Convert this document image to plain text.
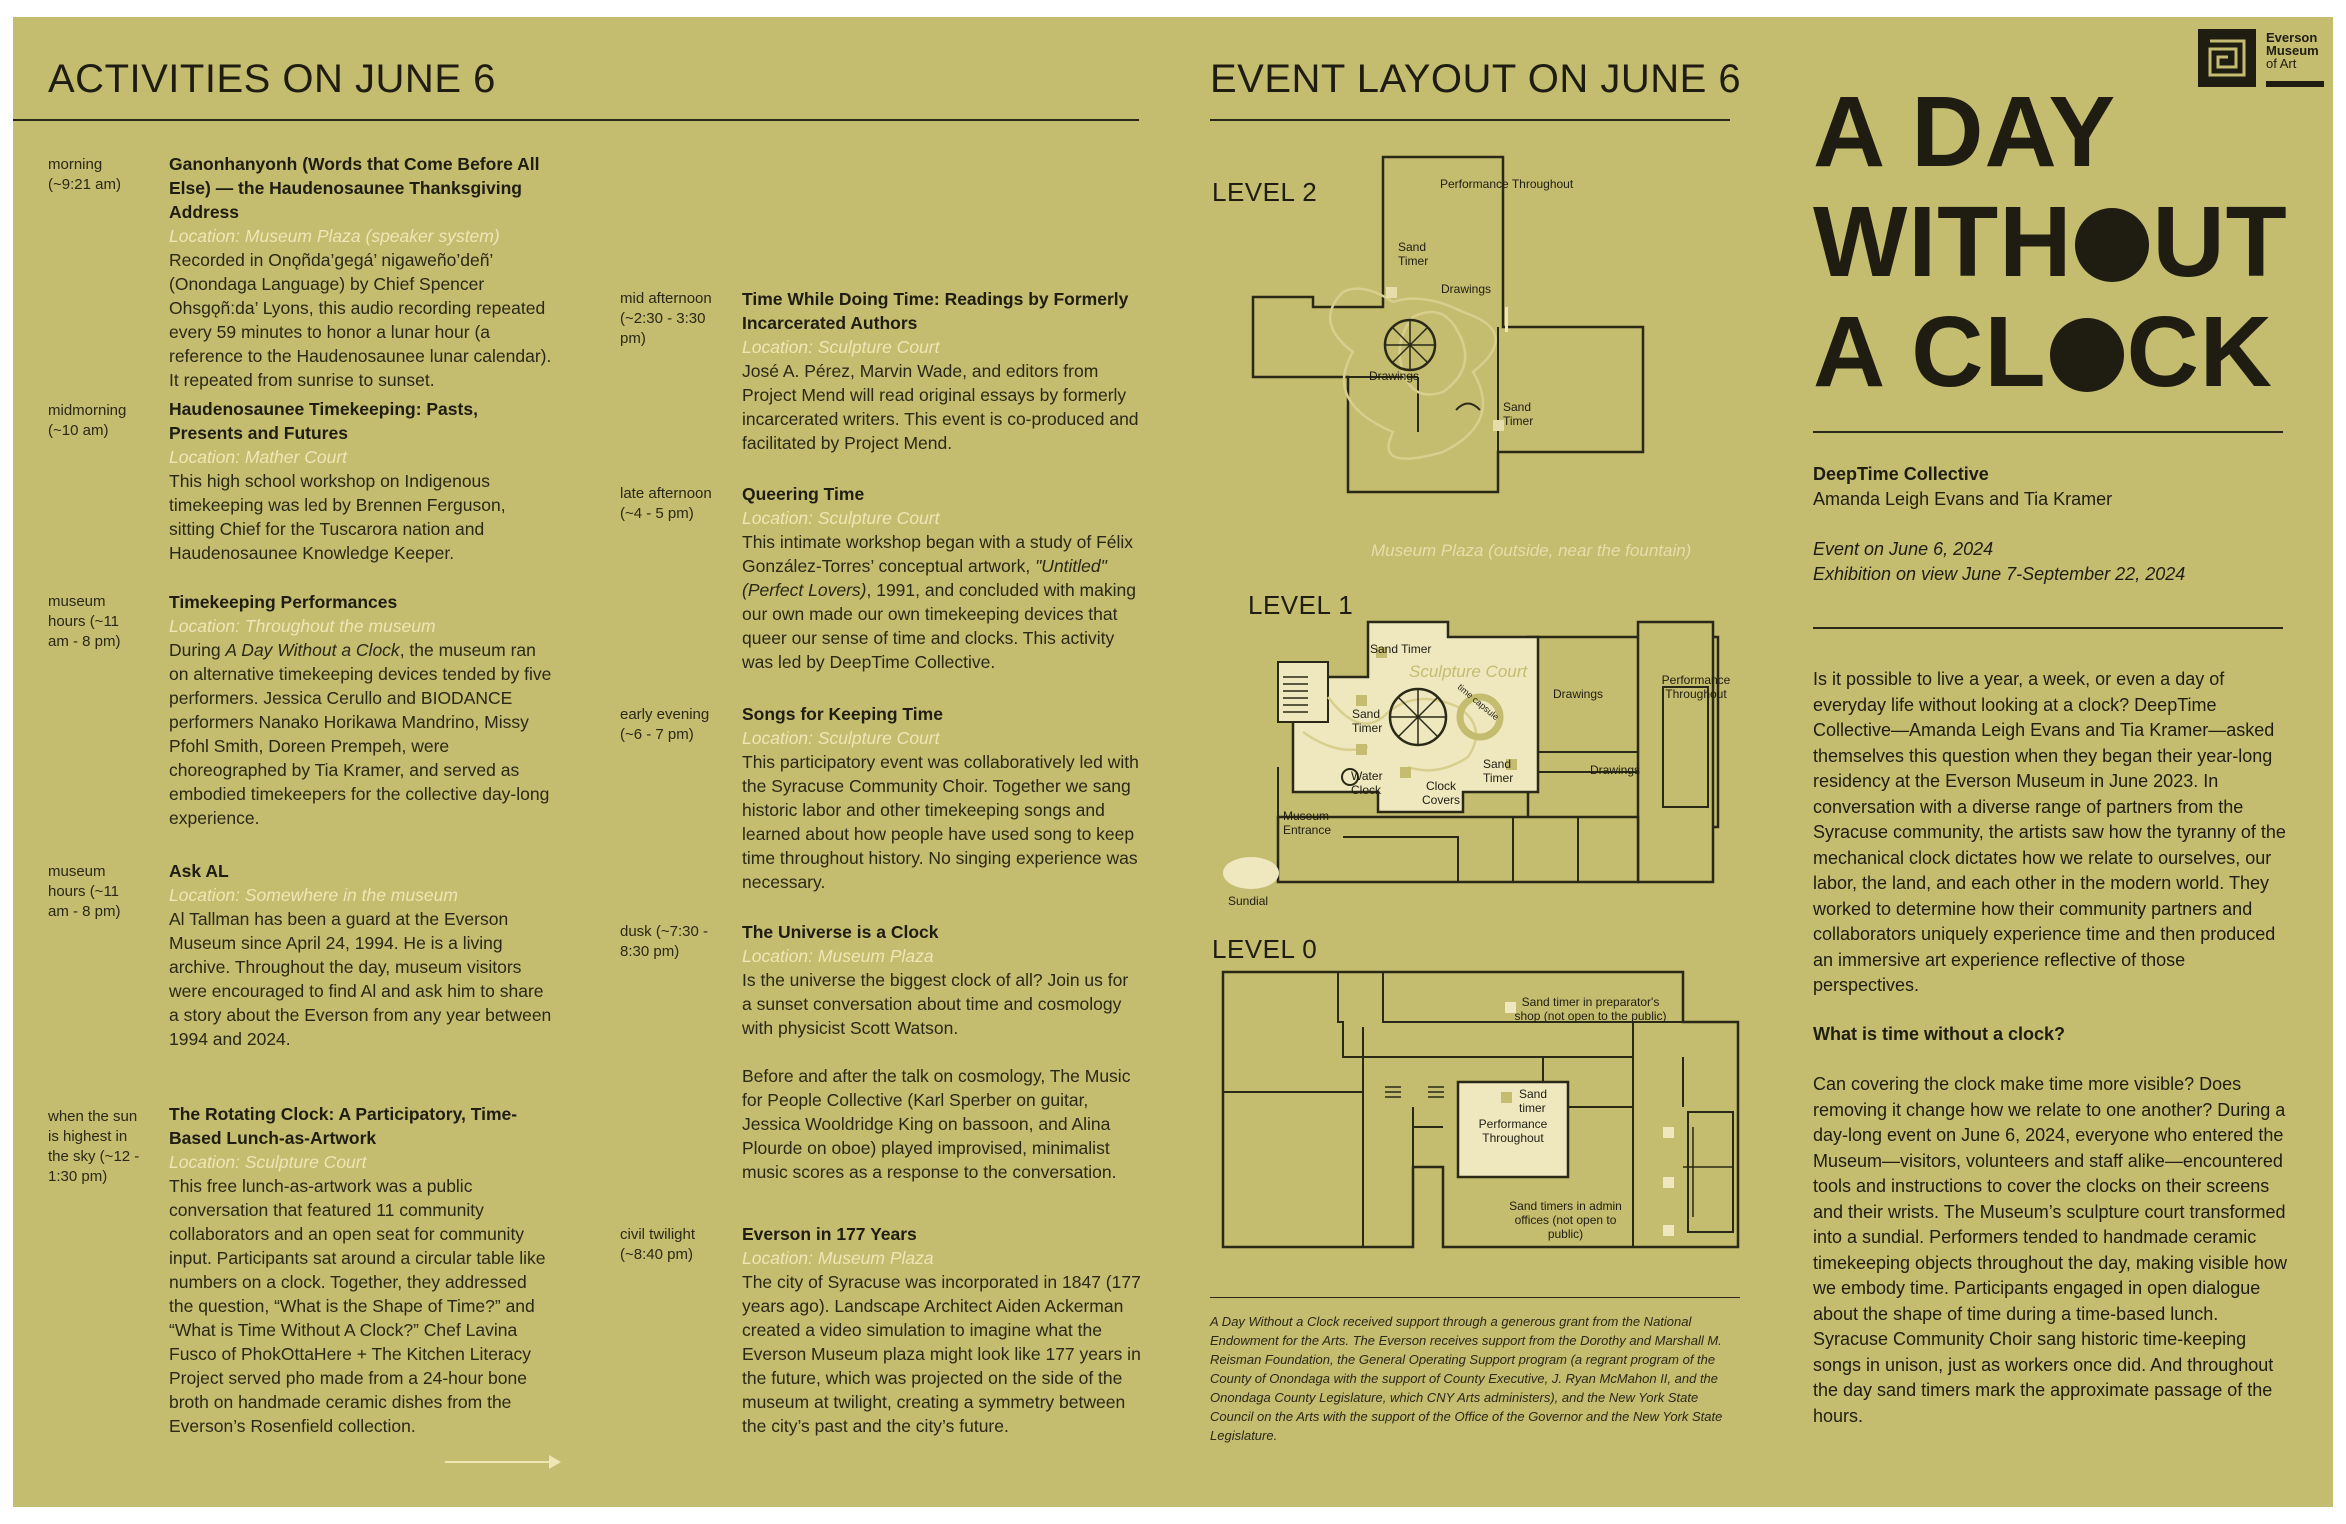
ACTIVITIES ON JUNE 6
morning (~9:21 am)
Ganonhanyonh (Words that Come Before All Else) — the Haudenosaunee Thanksgiving Address
Location: Museum Plaza (speaker system)
Recorded in Onǫñda’gegá’ nigaweño’deñ’ (Onondaga Language) by Chief Spencer Ohsgǫñ:da’ Lyons, this audio recording repeated every 59 minutes to honor a lunar hour (a reference to the Haudenosaunee lunar calendar). It repeated from sunrise to sunset.
midmorning (~10 am)
Haudenosaunee Timekeeping: Pasts, Presents and Futures
Location: Mather Court
This high school workshop on Indigenous timekeeping was led by Brennen Ferguson, sitting Chief for the Tuscarora nation and Haudenosaunee Knowledge Keeper.
museum hours (~11 am - 8 pm)
Timekeeping Performances
Location: Throughout the museum
During A Day Without a Clock, the museum ran on alternative timekeeping devices tended by five performers. Jessica Cerullo and BIODANCE performers Nanako Horikawa Mandrino, Missy Pfohl Smith, Doreen Prempeh, were choreographed by Tia Kramer, and served as embodied timekeepers for the collective day-long experience.
museum hours (~11 am - 8 pm)
Ask AL
Location: Somewhere in the museum
Al Tallman has been a guard at the Everson Museum since April 24, 1994. He is a living archive. Throughout the day, museum visitors were encouraged to find Al and ask him to share a story about the Everson from any year between 1994 and 2024.
when the sun is highest in the sky (~12 - 1:30 pm)
The Rotating Clock: A Participatory, Time-Based Lunch-as-Artwork
Location: Sculpture Court
This free lunch-as-artwork was a public conversation that featured 11 community collaborators and an open seat for community input. Participants sat around a circular table like numbers on a clock. Together, they addressed the question, “What is the Shape of Time?” and “What is Time Without A Clock?” Chef Lavina Fusco of PhokOttaHere + The Kitchen Literacy Project served pho made from a 24-hour bone broth on handmade ceramic dishes from the Everson’s Rosenfield collection.
mid afternoon (~2:30 - 3:30 pm)
Time While Doing Time: Readings by Formerly Incarcerated Authors
Location: Sculpture Court
José A. Pérez, Marvin Wade, and editors from Project Mend will read original essays by formerly incarcerated writers. This event is co-produced and facilitated by Project Mend.
late afternoon (~4 - 5 pm)
Queering Time
Location: Sculpture Court
This intimate workshop began with a study of Félix González-Torres’ conceptual artwork, "Untitled" (Perfect Lovers), 1991, and concluded with making our own made our own timekeeping devices that queer our sense of time and clocks. This activity was led by DeepTime Collective.
early evening (~6 - 7 pm)
Songs for Keeping Time
Location: Sculpture Court
This participatory event was collaboratively led with the Syracuse Community Choir. Together we sang historic labor and other timekeeping songs and learned about how people have used song to keep time throughout history. No singing experience was necessary.
dusk (~7:30 - 8:30 pm)
The Universe is a Clock
Location: Museum Plaza
Is the universe the biggest clock of all? Join us for a sunset conversation about time and cosmology with physicist Scott Watson.
Before and after the talk on cosmology, The Music for People Collective (Karl Sperber on guitar, Jessica Wooldridge King on bassoon, and Alina Plourde on oboe) played improvised, minimalist music scores as a response to the conversation.
civil twilight (~8:40 pm)
Everson in 177 Years
Location: Museum Plaza
The city of Syracuse was incorporated in 1847 (177 years ago). Landscape Architect Aiden Ackerman created a video simulation to imagine what the Everson Museum plaza might look like 177 years in the future, which was projected on the side of the museum at twilight, creating a symmetry between the city’s past and the city’s future.
EVENT LAYOUT ON JUNE 6
LEVEL 2	Performance Throughout
Sand Timer
Drawings
Drawings
Sand Timer
Museum Plaza (outside, near the fountain)
LEVEL 1
Sand Timer
Sculpture Court
Sand Timer
time capsule	Drawings
Performance Throughout
Sand Timer
Drawings
Water Clock	Clock Covers
Museum Entrance
Sundial
LEVEL 0
Sand timer in preparator's shop (not open to the public)
Sand timer
Performance Throughout
Sand timers in admin offices (not open to public)
A Day Without a Clock received support through a generous grant from the National Endowment for the Arts. The Everson receives support from the Dorothy and Marshall M. Reisman Foundation, the General Operating Support program (a regrant program of the County of Onondaga with the support of County Executive, J. Ryan McMahon II, and the Onondaga County Legislature, which CNY Arts administers), and the New York State Council on the Arts with the support of the Office of the Governor and the New York State Legislature.
Everson
Museum
of Art
A DAY
WITH UT
A CL CK
DeepTime Collective
Amanda Leigh Evans and Tia Kramer
Event on June 6, 2024
Exhibition on view June 7-September 22, 2024
Is it possible to live a year, a week, or even a day of everyday life without looking at a clock? DeepTime Collective—Amanda Leigh Evans and Tia Kramer—asked themselves this question when they began their year-long residency at the Everson Museum in June 2023. In conversation with a diverse range of partners from the Syracuse community, the artists saw how the tyranny of the mechanical clock dictates how we relate to ourselves, our labor, the land, and each other in the modern world. They worked to determine how their community partners and collaborators uniquely experience time and then produced an immersive art experience reflective of those perspectives.
What is time without a clock?
Can covering the clock make time more visible? Does removing it change how we relate to one another? During a day-long event on June 6, 2024, everyone who entered the Museum—visitors, volunteers and staff alike—encountered tools and instructions to cover the clocks on their screens and their wrists. The Museum’s sculpture court transformed into a sundial. Performers tended to handmade ceramic timekeeping objects throughout the day, making visible how we embody time. Participants engaged in open dialogue about the shape of time during a time-based lunch. Syracuse Community Choir sang historic time-keeping songs in unison, just as workers once did. And throughout the day sand timers mark the approximate passage of the hours.
